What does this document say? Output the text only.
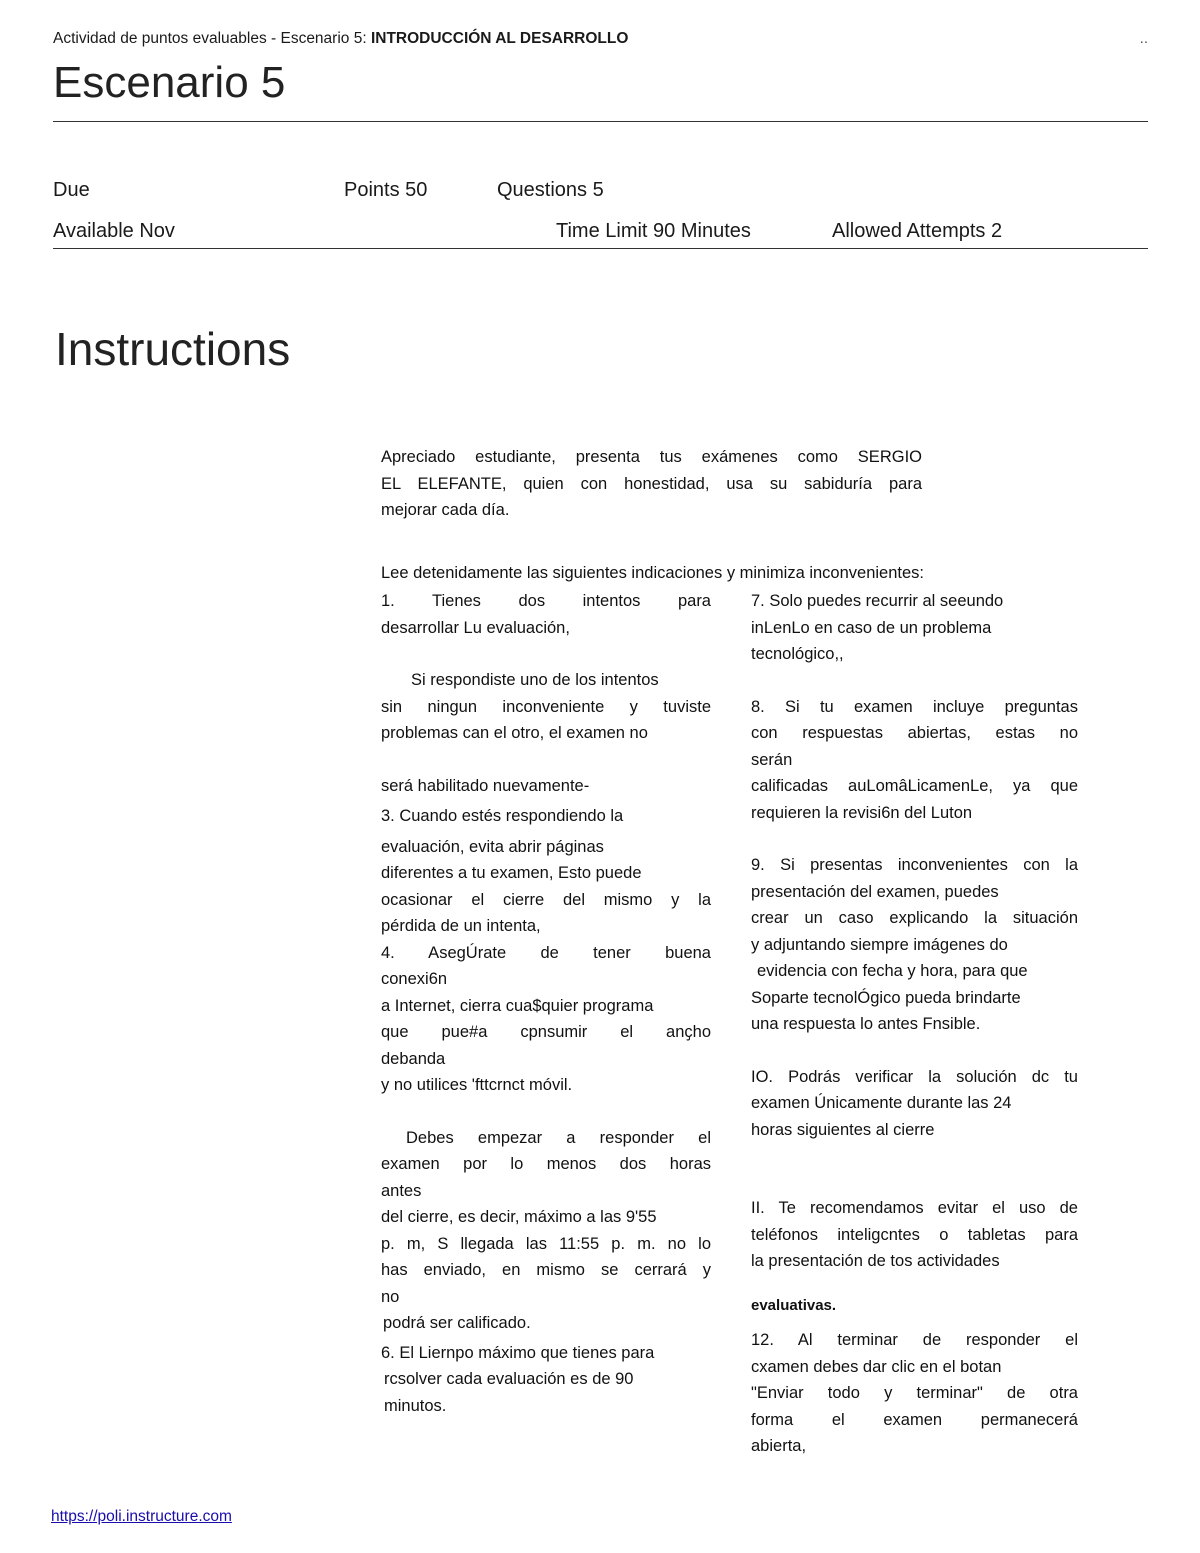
Actividad de puntos evaluables - Escenario 5: INTRODUCCIÓN AL DESARROLLO	..
Escenario 5
Due	Points 50	Questions 5
Available Nov	Time Limit 90 Minutes	Allowed Attempts 2
Instructions

Apreciado estudiante, presenta tus exámenes como SERGIO

EL ELEFANTE, quien con honestidad, usa su sabiduría para

mejorar cada día.

Lee detenidamente las siguientes indicaciones y minimiza inconvenientes:

1. Tienes dos intentos para

desarrollar Lu evaluación,

Si respondiste uno de los intentos

sin ningun inconveniente y tuviste

problemas can el otro, el examen no

será habilitado nuevamente-

3. Cuando estés respondiendo la

evaluación, evita abrir páginas

diferentes a tu examen, Esto puede

ocasionar el cierre del mismo y la

pérdida de un intenta,

4. AsegÚrate de tener buena

conexi6n

a Internet, cierra cua$quier programa

que pue#a cpnsumir el anҫho

debanda

y no utilices 'fttcrnct móvil.

Debes empezar a responder el

examen por lo menos dos horas

antes

del cierre, es decir, máximo a las 9'55

p. m, S llegada las 11:55 p. m. no lo

has enviado, en mismo se cerrará y

no

podrá ser calificado.

6. El Liernpo máximo que tienes para

rcsolver cada evaluación es de 90

minutos.

7. Solo puedes recurrir al seeundo

inLenLo en caso de un problema

tecnológico,,

8. Si tu examen incluye preguntas

con respuestas abiertas, estas no

serán

calificadas auLomâLicamenLe, ya que

requieren la revisi6n del Luton

9. Si presentas inconvenientes con la

presentación del examen, puedes

crear un caso explicando la situación

y adjuntando siempre imágenes do

evidencia con fecha y hora, para que

Soparte tecnolÓgico pueda brindarte

una respuesta lo antes Fnsible.

IO. Podrás verificar la solución dc tu

examen Únicamente durante las 24

horas siguientes al cierre

II. Te recomendamos evitar el uso de

teléfonos inteligcntes o tabletas para

la presentación de tos actividades

evaluativas.

12. Al terminar de responder el

cxamen debes dar clic en el botan

"Enviar todo y terminar" de otra

forma el examen permanecerá

abierta,

https://poli.instructure.com
